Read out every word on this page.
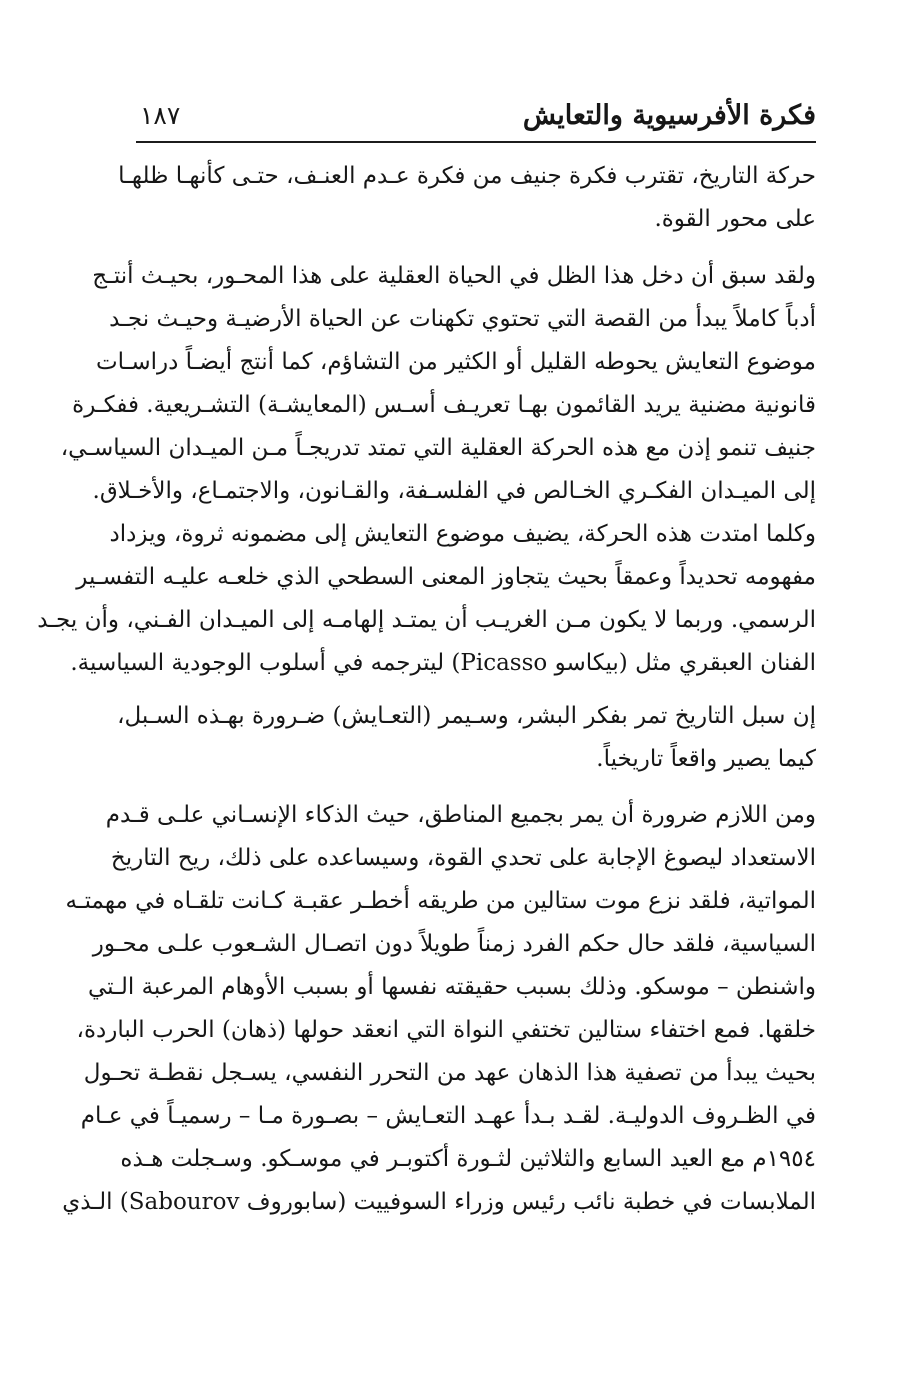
فكرة الأفرسيوية والتعايش
١٨٧
حركة التاريخ، تقترب فكرة جنيف من فكرة عـدم العنـف، حتـى كأنهـا ظلهـا
على محور القوة.
ولقد سبق أن دخل هذا الظل في الحياة العقلية على هذا المحـور، بحيـث أنتـج
أدباً كاملاً يبدأ من القصة التي تحتوي تكهنات عن الحياة الأرضيـة وحيـث نجـد
موضوع التعايش يحوطه القليل أو الكثير من التشاؤم، كما أنتج أيضـاً دراسـات
قانونية مضنية يريد القائمون بهـا تعريـف أسـس (المعايشـة) التشـريعية. ففكـرة
جنيف تنمو إذن مع هذه الحركة العقلية التي تمتد تدريجـاً مـن الميـدان السياسـي،
إلى الميـدان الفكـري الخـالص في الفلسـفة، والقـانون، والاجتمـاع، والأخـلاق.
وكلما امتدت هذه الحركة، يضيف موضوع التعايش إلى مضمونه ثروة، ويزداد
مفهومه تحديداً وعمقاً بحيث يتجاوز المعنى السطحي الذي خلعـه عليـه التفسـير
الرسمي. وربما لا يكون مـن الغريـب أن يمتـد إلهامـه إلى الميـدان الفـني، وأن يجـد
الفنان العبقري مثل (بيكاسو Picasso) ليترجمه في أسلوب الوجودية السياسية.
إن سبل التاريخ تمر بفكر البشر، وسـيمر (التعـايش) ضـرورة بهـذه السـبل،
كيما يصير واقعاً تاريخياً.
ومن اللازم ضرورة أن يمر بجميع المناطق، حيث الذكاء الإنسـاني علـى قـدم
الاستعداد ليصوغ الإجابة على تحدي القوة، وسيساعده على ذلك، ريح التاريخ
المواتية، فلقد نزع موت ستالين من طريقه أخطـر عقبـة كـانت تلقـاه في مهمتـه
السياسية، فلقد حال حكم الفرد زمناً طويلاً دون اتصـال الشـعوب علـى محـور
واشنطن – موسكو. وذلك بسبب حقيقته نفسها أو بسبب الأوهام المرعبة الـتي
خلقها. فمع اختفاء ستالين تختفي النواة التي انعقد حولها (ذهان) الحرب الباردة،
بحيث يبدأ من تصفية هذا الذهان عهد من التحرر النفسي، يسـجل نقطـة تحـول
في الظـروف الدوليـة. لقـد بـدأ عهـد التعـايش – بصـورة مـا – رسميـاً في عـام
١٩٥٤م مع العيد السابع والثلاثين لثـورة أكتوبـر في موسـكو. وسـجلت هـذه
الملابسات في خطبة نائب رئيس وزراء السوفييت (سابوروف Sabourov) الـذي
